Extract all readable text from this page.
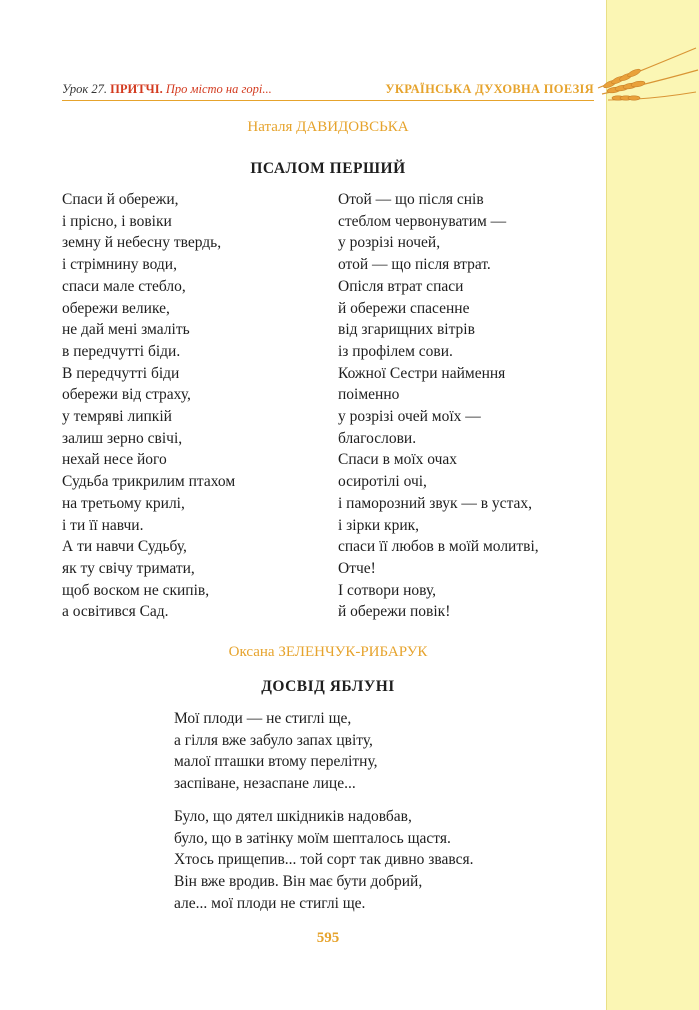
Урок 27. ПРИТЧІ. Про місто на горі...	УКРАЇНСЬКА ДУХОВНА ПОЕЗІЯ
Наталя ДАВИДОВСЬКА
ПСАЛОМ ПЕРШИЙ
Спаси й обережи,
і прісно, і вовіки
земну й небесну твердь,
і стрімнину води,
спаси мале стебло,
обережи велике,
не дай мені змаліть
в передчутті біди.
В передчутті біди
обережи від страху,
у темряві липкій
залиш зерно свічі,
нехай несе його
Судьба трикрилим птахом
на третьому крилі,
і ти її навчи.
А ти навчи Судьбу,
як ту свічу тримати,
щоб воском не скипів,
а освітився Сад.
Отой — що після снів
стеблом червонуватим —
у розрізі ночей,
отой — що після втрат.
Опісля втрат спаси
й обережи спасенне
від згарищних вітрів
із профілем сови.
Кожної Сестри наймення
поіменно
у розрізі очей моїх —
благослови.
Спаси в моїх очах
осиротілі очі,
і паморозний звук — в устах,
і зірки крик,
спаси її любов в моїй молитві,
Отче!
І сотвори нову,
й обережи повік!
Оксана ЗЕЛЕНЧУК-РИБАРУК
ДОСВІД ЯБЛУНІ
Мої плоди — не стиглі ще,
а гілля вже забуло запах цвіту,
малої пташки втому перелітну,
заспіване, незаспане лице...
Було, що дятел шкідників надовбав,
було, що в затінку моїм шепталось щастя.
Хтось прищепив... той сорт так дивно звався.
Він вже вродив. Він має бути добрий,
але... мої плоди не стиглі ще.
595
